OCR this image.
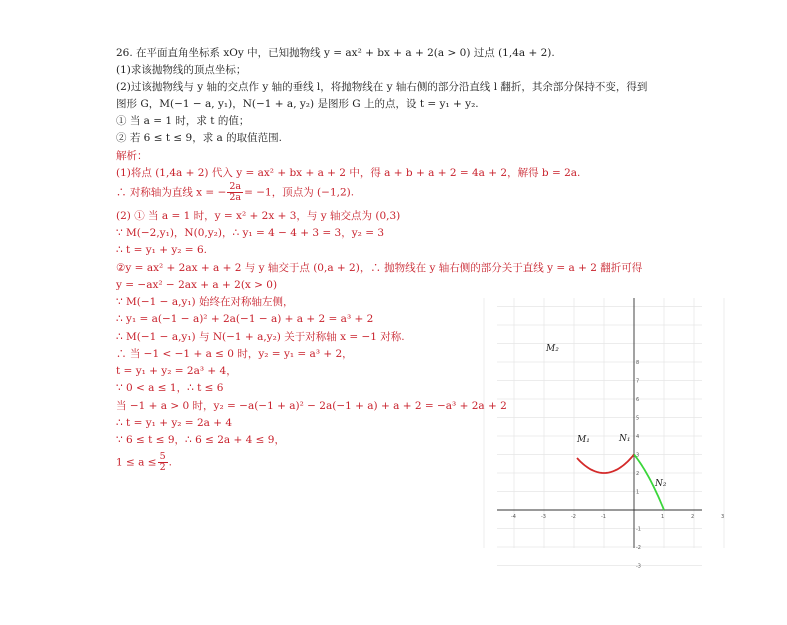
26. 在平面直角坐标系 xOy 中，已知抛物线 y = ax² + bx + a + 2(a > 0) 过点 (1,4a + 2).
(1)求该抛物线的顶点坐标；
(2)过该抛物线与 y 轴的交点作 y 轴的垂线 l，将抛物线在 y 轴右侧的部分沿直线 l 翻折，其余部分保持不变，得到
图形 G，M(−1 − a, y₁)，N(−1 + a, y₂) 是图形 G 上的点，设 t = y₁ + y₂.
① 当 a = 1 时，求 t 的值；
② 若 6 ≤ t ≤ 9，求 a 的取值范围.
解析：
(1)将点 (1,4a + 2) 代入 y = ax² + bx + a + 2 中，得 a + b + a + 2 = 4a + 2，解得 b = 2a.
∴ 对称轴为直线 x = − $\frac{2a}{2a} = -1$，顶点为 (−1,2).
(2) ① 当 a = 1 时，y = x² + 2x + 3，与 y 轴交点为 (0,3)
∵ M(−2,y₁)，N(0,y₂)，∴ y₁ = 4 − 4 + 3 = 3，y₂ = 3
∴ t = y₁ + y₂ = 6.
②y = ax² + 2ax + a + 2 与 y 轴交于点 (0,a + 2)，∴ 抛物线在 y 轴右侧的部分关于直线 y = a + 2 翻折可得
y = −ax² − 2ax + a + 2(x > 0)
∵ M(−1 − a,y₁) 始终在对称轴左侧，
∴ y₁ = a(−1 − a)² + 2a(−1 − a) + a + 2 = a³ + 2
∴ M(−1 − a,y₁) 与 N(−1 + a,y₂) 关于对称轴 x = −1 对称.
∴ 当 −1 < −1 + a ≤ 0 时，y₂ = y₁ = a³ + 2，
t = y₁ + y₂ = 2a³ + 4，
∵ 0 < a ≤ 1，∴ t ≤ 6
当 −1 + a > 0 时，y₂ = −a(−1 + a)² − 2a(−1 + a) + a + 2 = −a³ + 2a + 2
∴ t = y₁ + y₂ = 2a + 4
∵ 6 ≤ t ≤ 9，∴ 6 ≤ 2a + 4 ≤ 9，
$1 \le a \le \frac{5}{2}$ .
-4	-3	-2	-1	1	2	3
8
7
6
5
4
3
2
1
-1
-2
-3
M₂
M₁	N₁
N₂
